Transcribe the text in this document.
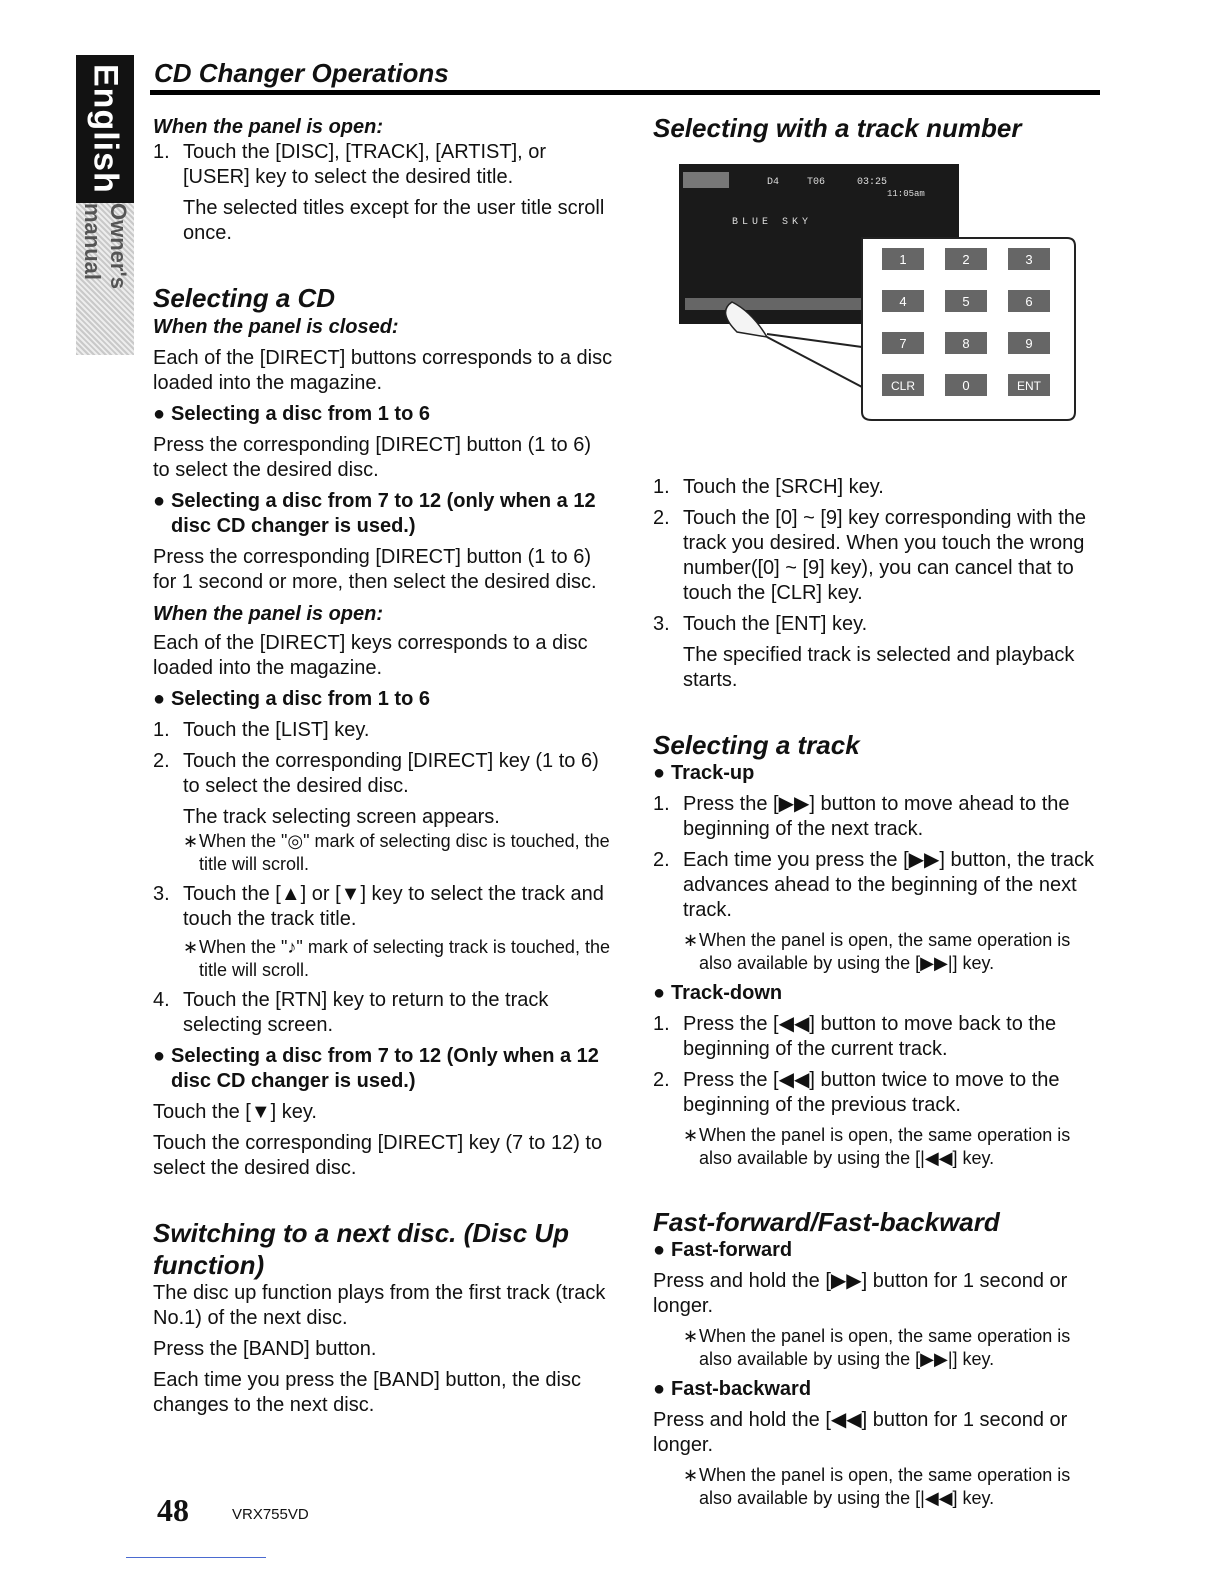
English
Owner's manual
CD Changer Operations
When the panel is open:
1. Touch the [DISC], [TRACK], [ARTIST], or [USER] key to select the desired title.

The selected titles except for the user title scroll once.

Selecting a CD
When the panel is closed:

Each of the [DIRECT] buttons corresponds to a disc loaded into the magazine.

● Selecting a disc from 1 to 6

Press the corresponding [DIRECT] button (1 to 6) to select the desired disc.

● Selecting a disc from 7 to 12 (only when a 12 disc CD changer is used.)

Press the corresponding [DIRECT] button (1 to 6) for 1 second or more, then select the desired disc.

When the panel is open:

Each of the [DIRECT] keys corresponds to a disc loaded into the magazine.

● Selecting a disc from 1 to 6
1. Touch the [LIST] key.
2. Touch the corresponding [DIRECT] key (1 to 6) to select the desired disc.

The track selecting screen appears.

∗ When the "◎" mark of selecting disc is touched, the title will scroll.
3. Touch the [▲] or [▼] key to select the track and touch the track title.
∗ When the "♪" mark of selecting track is touched, the title will scroll.
4. Touch the [RTN] key to return to the track selecting screen.
● Selecting a disc from 7 to 12 (Only when a 12 disc CD changer is used.)

Touch the [▼] key.

Touch the corresponding [DIRECT] key (7 to 12) to select the desired disc.

Switching to a next disc. (Disc Up function)

The disc up function plays from the first track (track No.1) of the next disc.

Press the [BAND] button.

Each time you press the [BAND] button, the disc changes to the next disc.

Selecting with a track number
D4	T06	03:25
11:05am
BLUE SKY
1	2	3
4	5	6
7	8	9
CLR	0	ENT
1. Touch the [SRCH] key.
2. Touch the [0] ~ [9] key corresponding with the track you desired. When you touch the wrong number([0] ~ [9] key), you can cancel that to touch the [CLR] key.
3. Touch the [ENT] key.

The specified track is selected and playback starts.

Selecting a track
● Track-up
1. Press the [▶▶] button to move ahead to the beginning of the next track.
2. Each time you press the [▶▶] button, the track advances ahead to the beginning of the next track.
∗ When the panel is open, the same operation is also available by using the [▶▶|] key.
● Track-down
1. Press the [◀◀] button to move back to the beginning of the current track.
2. Press the [◀◀] button twice to move to the beginning of the previous track.
∗ When the panel is open, the same operation is also available by using the [|◀◀] key.
Fast-forward/Fast-backward
● Fast-forward

Press and hold the [▶▶] button for 1 second or longer.

∗ When the panel is open, the same operation is also available by using the [▶▶|] key.
● Fast-backward

Press and hold the [◀◀] button for 1 second or longer.

∗ When the panel is open, the same operation is also available by using the [|◀◀] key.
48	VRX755VD
